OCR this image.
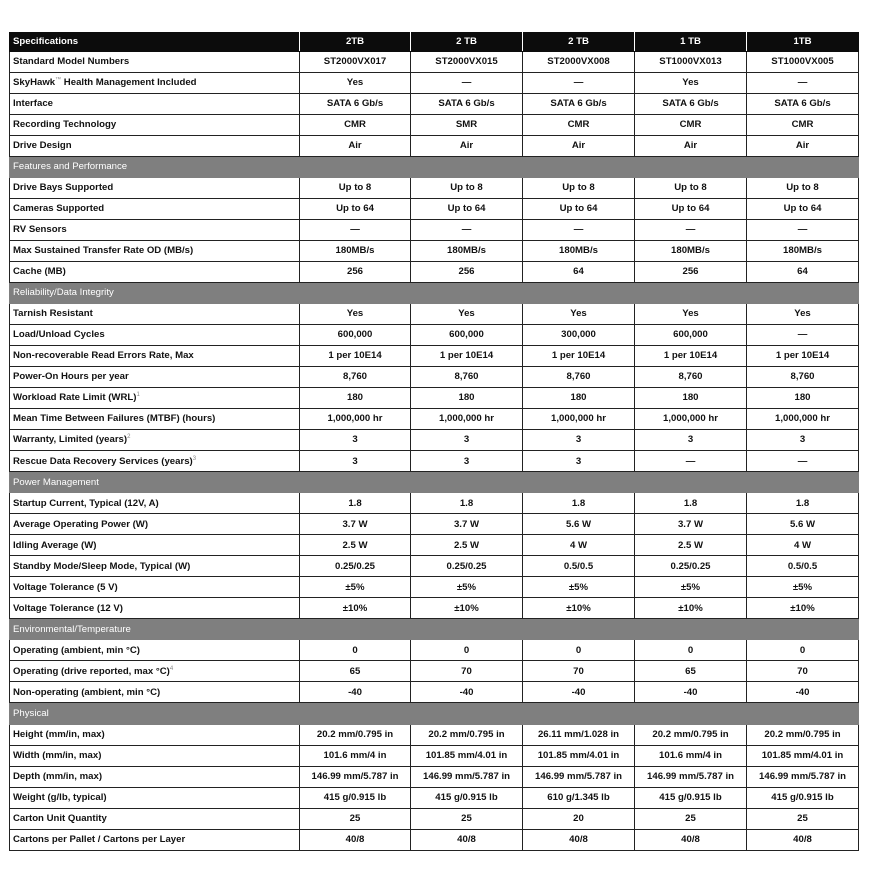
Specifications	2TB	2 TB	2 TB	1 TB	1TB
Standard Model Numbers	ST2000VX017	ST2000VX015	ST2000VX008	ST1000VX013	ST1000VX005
SkyHawk™ Health Management Included	Yes	—	—	Yes	—
Interface	SATA 6 Gb/s	SATA 6 Gb/s	SATA 6 Gb/s	SATA 6 Gb/s	SATA 6 Gb/s
Recording Technology	CMR	SMR	CMR	CMR	CMR
Drive Design	Air	Air	Air	Air	Air
Features and Performance					
Drive Bays Supported	Up to 8	Up to 8	Up to 8	Up to 8	Up to 8
Cameras Supported	Up to 64	Up to 64	Up to 64	Up to 64	Up to 64
RV Sensors	—	—	—	—	—
Max Sustained Transfer Rate OD (MB/s)	180MB/s	180MB/s	180MB/s	180MB/s	180MB/s
Cache (MB)	256	256	64	256	64
Reliability/Data Integrity					
Tarnish Resistant	Yes	Yes	Yes	Yes	Yes
Load/Unload Cycles	600,000	600,000	300,000	600,000	—
Non-recoverable Read Errors Rate, Max	1 per 10E14	1 per 10E14	1 per 10E14	1 per 10E14	1 per 10E14
Power-On Hours per year	8,760	8,760	8,760	8,760	8,760
Workload Rate Limit (WRL)$^1$	180	180	180	180	180
Mean Time Between Failures (MTBF) (hours)	1,000,000 hr	1,000,000 hr	1,000,000 hr	1,000,000 hr	1,000,000 hr
Warranty, Limited (years)$^2$	3	3	3	3	3
Rescue Data Recovery Services (years)$^3$	3	3	3	—	—
Power Management					
Startup Current, Typical (12V, A)	1.8	1.8	1.8	1.8	1.8
Average Operating Power (W)	3.7 W	3.7 W	5.6 W	3.7 W	5.6 W
Idling Average (W)	2.5 W	2.5 W	4 W	2.5 W	4 W
Standby Mode/Sleep Mode, Typical (W)	0.25/0.25	0.25/0.25	0.5/0.5	0.25/0.25	0.5/0.5
Voltage Tolerance (5 V)	±5%	±5%	±5%	±5%	±5%
Voltage Tolerance (12 V)	±10%	±10%	±10%	±10%	±10%
Environmental/Temperature					
Operating (ambient, min °C)	0	0	0	0	0
Operating (drive reported, max °C)$^4$	65	70	70	65	70
Non-operating (ambient, min °C)	-40	-40	-40	-40	-40
Physical					
Height (mm/in, max)	20.2 mm/0.795 in	20.2 mm/0.795 in	26.11 mm/1.028 in	20.2 mm/0.795 in	20.2 mm/0.795 in
Width (mm/in, max)	101.6 mm/4 in	101.85 mm/4.01 in	101.85 mm/4.01 in	101.6 mm/4 in	101.85 mm/4.01 in
Depth (mm/in, max)	146.99 mm/5.787 in	146.99 mm/5.787 in	146.99 mm/5.787 in	146.99 mm/5.787 in	146.99 mm/5.787 in
Weight (g/lb, typical)	415 g/0.915 lb	415 g/0.915 lb	610 g/1.345 lb	415 g/0.915 lb	415 g/0.915 lb
Carton Unit Quantity	25	25	20	25	25
Cartons per Pallet / Cartons per Layer	40/8	40/8	40/8	40/8	40/8
